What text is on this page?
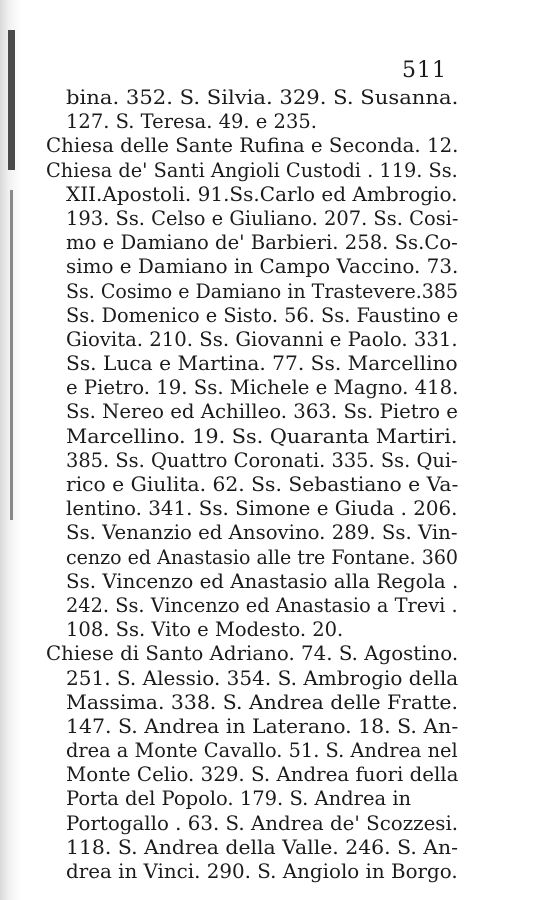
511
bina. 352. S. Silvia. 329. S. Susanna.
127. S. Teresa. 49. e 235.
Chiesa delle Sante Rufina e Seconda. 12.
Chiesa de' Santi Angioli Custodi . 119. Ss.
XII.Apostoli. 91.Ss.Carlo ed Ambrogio.
193. Ss. Celso e Giuliano. 207. Ss. Cosi-
mo e Damiano de' Barbieri. 258. Ss.Co-
simo e Damiano in Campo Vaccino. 73.
Ss. Cosimo e Damiano in Trastevere.385
Ss. Domenico e Sisto. 56. Ss. Faustino e
Giovita. 210. Ss. Giovanni e Paolo. 331.
Ss. Luca e Martina. 77. Ss. Marcellino
e Pietro. 19. Ss. Michele e Magno. 418.
Ss. Nereo ed Achilleo. 363. Ss. Pietro e
Marcellino. 19. Ss. Quaranta Martiri.
385. Ss. Quattro Coronati. 335. Ss. Qui-
rico e Giulita. 62. Ss. Sebastiano e Va-
lentino. 341. Ss. Simone e Giuda . 206.
Ss. Venanzio ed Ansovino. 289. Ss. Vin-
cenzo ed Anastasio alle tre Fontane. 360
Ss. Vincenzo ed Anastasio alla Regola .
242. Ss. Vincenzo ed Anastasio a Trevi .
108. Ss. Vito e Modesto. 20.
Chiese di Santo Adriano. 74. S. Agostino.
251. S. Alessio. 354. S. Ambrogio della
Massima. 338. S. Andrea delle Fratte.
147. S. Andrea in Laterano. 18. S. An-
drea a Monte Cavallo. 51. S. Andrea nel
Monte Celio. 329. S. Andrea fuori della
Porta del Popolo. 179. S. Andrea in
Portogallo . 63. S. Andrea de' Scozzesi.
118. S. Andrea della Valle. 246. S. An-
drea in Vinci. 290. S. Angiolo in Borgo.
